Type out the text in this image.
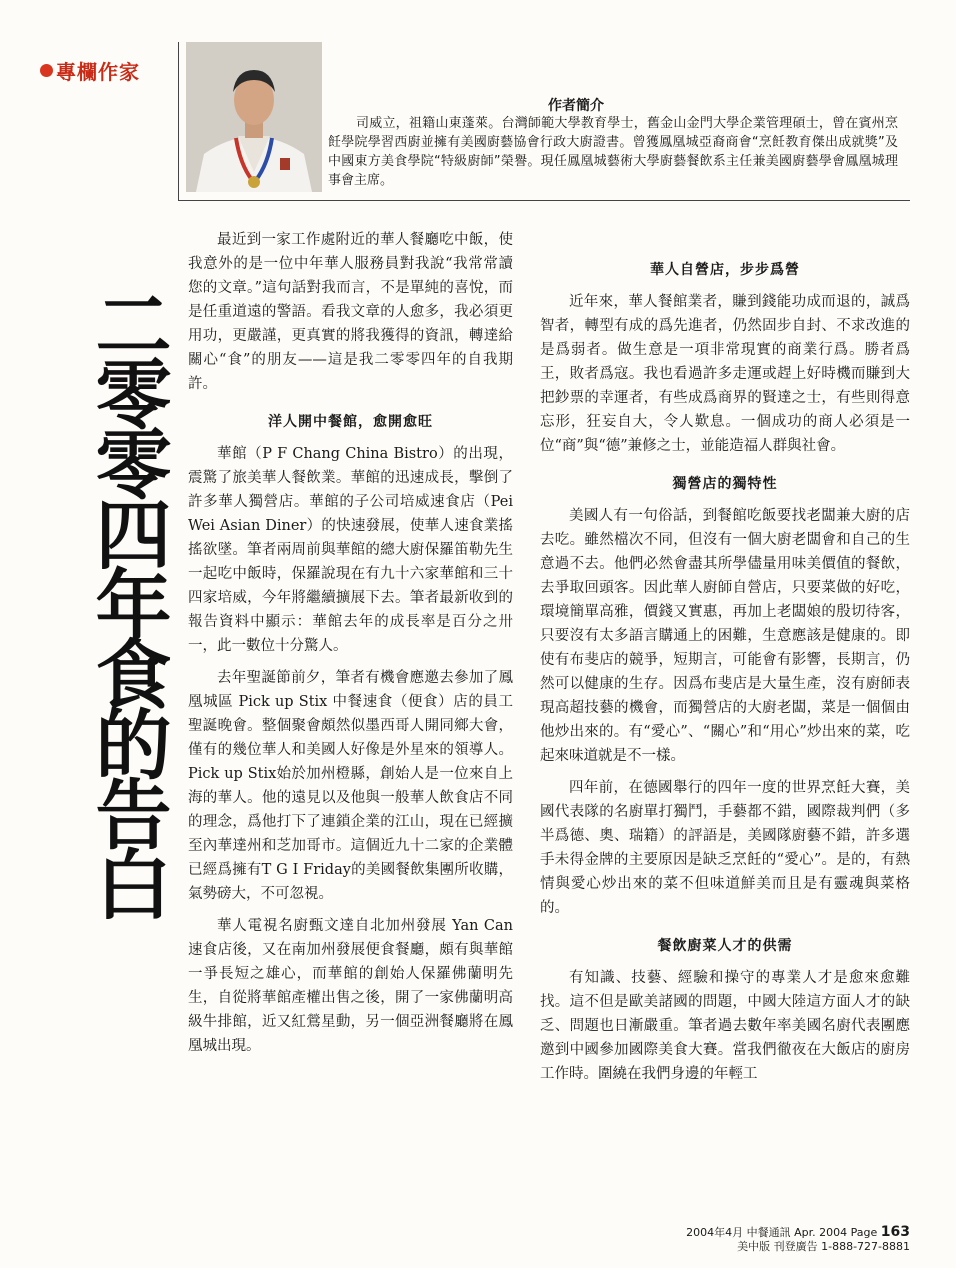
專欄作家
作者簡介
司威立，祖籍山東蓬萊。台灣師範大學教育學士，舊金山金門大學企業管理碩士，曾在賓州烹飪學院學習西廚並擁有美國廚藝協會行政大廚證書。曾獲鳳凰城亞裔商會“烹飪教育傑出成就獎”及中國東方美食學院“特級廚師”榮譽。現任鳳凰城藝術大學廚藝餐飲系主任兼美國廚藝學會鳳凰城理事會主席。
二零零四年食的告白

最近到一家工作處附近的華人餐廳吃中飯，使我意外的是一位中年華人服務員對我說“我常常讀您的文章。”這句話對我而言，不是單純的喜悅，而是任重道遠的警語。看我文章的人愈多，我必須更用功，更嚴謹，更真實的將我獲得的資訊，轉達給關心“食”的朋友——這是我二零零四年的自我期許。

洋人開中餐館，愈開愈旺

華館（P F Chang China Bistro）的出現，震驚了旅美華人餐飲業。華館的迅速成長，擊倒了許多華人獨營店。華館的子公司培威速食店（Pei Wei Asian Diner）的快速發展，使華人速食業搖搖欲墜。筆者兩周前與華館的總大廚保羅笛勒先生一起吃中飯時，保羅說現在有九十六家華館和三十四家培威，今年將繼續擴展下去。筆者最新收到的報告資料中顯示：華館去年的成長率是百分之卅一，此一數位十分驚人。

去年聖誕節前夕，筆者有機會應邀去參加了鳳凰城區 Pick up Stix 中餐速食（便食）店的員工聖誕晚會。整個聚會頗然似墨西哥人開同鄉大會，僅有的幾位華人和美國人好像是外星來的領導人。Pick up Stix始於加州橙縣，創始人是一位來自上海的華人。他的遠見以及他與一般華人飲食店不同的理念，爲他打下了連鎖企業的江山，現在已經擴至內華達州和芝加哥市。這個近九十二家的企業體已經爲擁有T G I Friday的美國餐飲集團所收購，氣勢磅大，不可忽視。

華人電視名廚甄文達自北加州發展 Yan Can 速食店後，又在南加州發展便食餐廳，頗有與華館一爭長短之雄心，而華館的創始人保羅佛蘭明先生，自從將華館產權出售之後，開了一家佛蘭明高級牛排館，近又紅鶯星動，另一個亞洲餐廳將在鳳凰城出現。

華人自營店，步步爲營

近年來，華人餐館業者，賺到錢能功成而退的，誠爲智者，轉型有成的爲先進者，仍然固步自封、不求改進的是爲弱者。做生意是一項非常現實的商業行爲。勝者爲王，敗者爲寇。我也看過許多走運或趕上好時機而賺到大把鈔票的幸運者，有些成爲商界的賢達之士，有些則得意忘形，狂妄自大，令人歎息。一個成功的商人必須是一位“商”與“德”兼修之士，並能造福人群與社會。

獨營店的獨特性

美國人有一句俗話，到餐館吃飯要找老闆兼大廚的店去吃。雖然檔次不同，但沒有一個大廚老闆會和自己的生意過不去。他們必然會盡其所學儘量用味美價值的餐飲，去爭取回頭客。因此華人廚師自營店，只要菜做的好吃，環境簡單高雅，價錢又實惠，再加上老闆娘的殷切待客，只要沒有太多語言購通上的困難，生意應該是健康的。即使有布斐店的競爭，短期言，可能會有影響，長期言，仍然可以健康的生存。因爲布斐店是大量生產，沒有廚師表現高超技藝的機會，而獨營店的大廚老闆，菜是一個個由他炒出來的。有“愛心”、“關心”和“用心”炒出來的菜，吃起來味道就是不一樣。

四年前，在德國舉行的四年一度的世界烹飪大賽，美國代表隊的名廚單打獨鬥，手藝都不錯，國際裁判們（多半爲德、奧、瑞籍）的評語是，美國隊廚藝不錯，許多選手未得金牌的主要原因是缺乏烹飪的“愛心”。是的，有熱情與愛心炒出來的菜不但味道鮮美而且是有靈魂與菜格的。

餐飲廚菜人才的供需

有知識、技藝、經驗和操守的專業人才是愈來愈難找。這不但是歐美諸國的問題，中國大陸這方面人才的缺乏、問題也日漸嚴重。筆者過去數年率美國名廚代表團應邀到中國參加國際美食大賽。當我們徹夜在大飯店的廚房工作時。圍繞在我們身邊的年輕工

2004年4月 中餐通訊 Apr. 2004 Page 163
美中版 刊登廣告 1-888-727-8881
